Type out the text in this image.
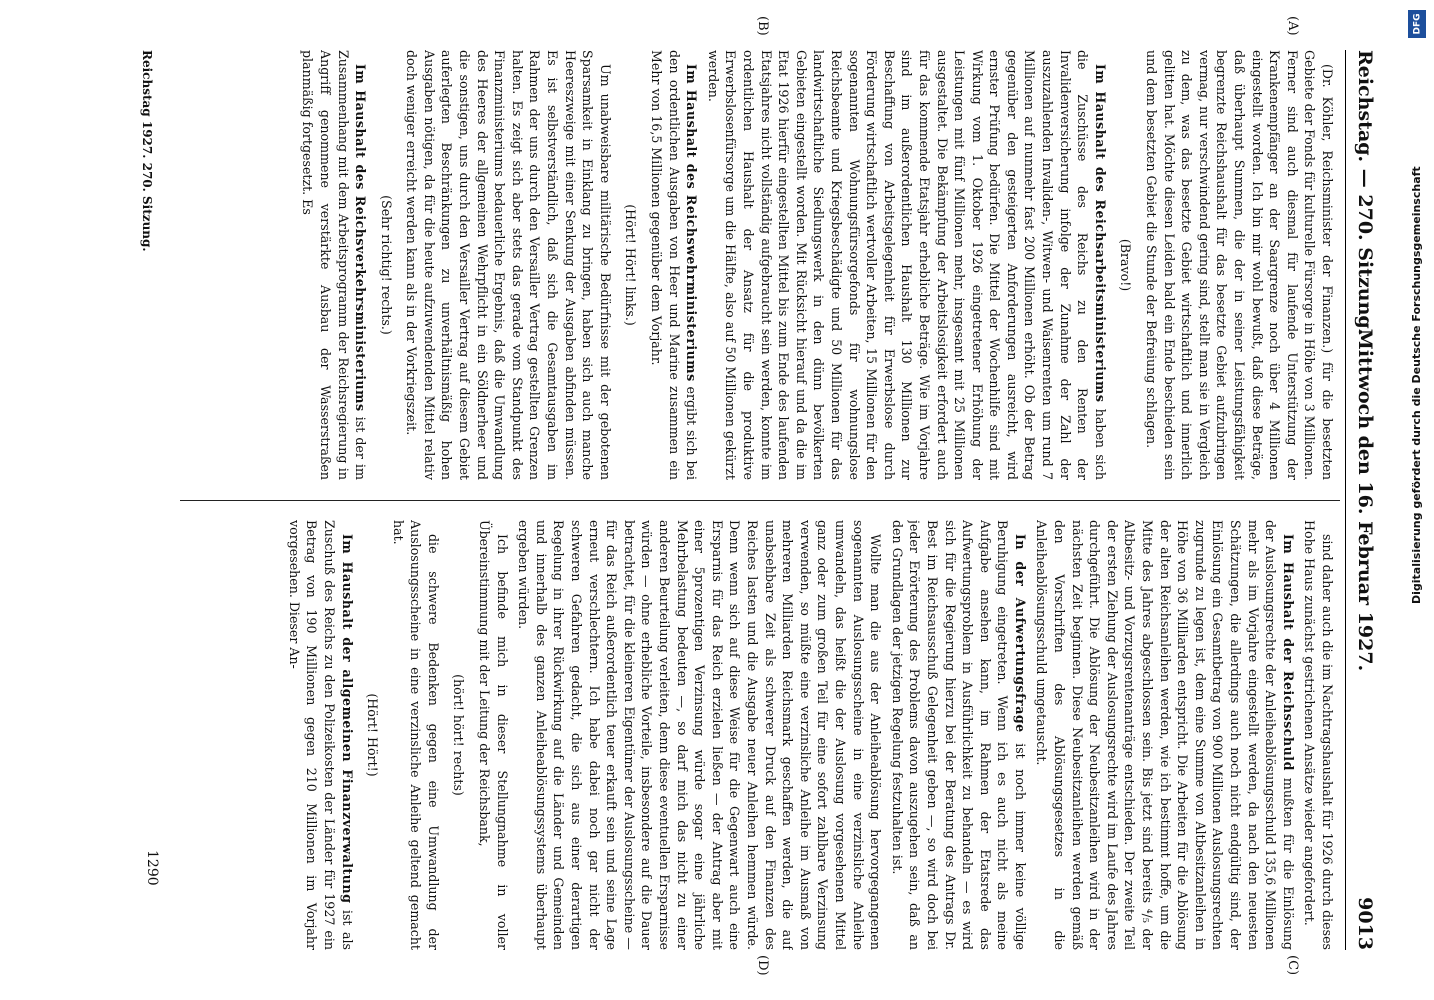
Reichstag. — 270. Sitzung.
Mittwoch den 16. Februar 1927.
9013

(Dr. Köhler, Reichsminister der Finanzen.) für die besetzten Gebiete der Fonds für kulturelle Fürsorge in Höhe von 3 Millionen. Ferner sind auch diesmal für laufende Unterstützung der Krankenempfänger an der Saargrenze noch über 4 Millionen eingestellt worden. Ich bin mir wohl bewußt, daß diese Beträge, daß überhaupt Summen, die der in seiner Leistungsfähigkeit begrenzte Reichshaushalt für das besetzte Gebiet aufzubringen vermag, nur verschwindend gering sind, stellt man sie in Vergleich zu dem, was das besetzte Gebiet wirtschaftlich und innerlich gelitten hat. Möchte diesen Leiden bald ein Ende beschieden sein und dem besetzten Gebiet die Stunde der Befreiung schlagen.

(Bravo!)

Im Haushalt des Reichsarbeitsministeriums haben sich die Zuschüsse des Reichs zu den Renten der Invalidenversicherung infolge der Zunahme der Zahl der auszuzahlenden Invaliden-, Witwen- und Waisenrenten um rund 7 Millionen auf nunmehr fast 200 Millionen erhöht. Ob der Betrag gegenüber den gesteigerten Anforderungen ausreicht, wird ernster Prüfung bedürfen. Die Mittel der Wochenhilfe sind mit Wirkung vom 1. Oktober 1926 eingetretener Erhöhung der Leistungen mit fünf Millionen mehr, insgesamt mit 25 Millionen ausgestaltet. Die Bekämpfung der Arbeitslosigkeit erfordert auch für das kommende Etatsjahr erhebliche Beträge. Wie im Vorjahre sind im außerordentlichen Haushalt 130 Millionen zur Beschaffung von Arbeitsgelegenheit für Erwerbslose durch Förderung wirtschaftlich wertvoller Arbeiten, 15 Millionen für den sogenannten Wohnungsfürsorgefonds für wohnungslose Reichsbeamte und Kriegsbeschädigte und 50 Millionen für das landwirtschaftliche Siedlungswerk in den dünn bevölkerten Gebieten eingestellt worden. Mit Rücksicht hierauf und da die im Etat 1926 hierfür eingestellten Mittel bis zum Ende des laufenden Etatsjahres nicht vollständig aufgebraucht sein werden, konnte im ordentlichen Haushalt der Ansatz für die produktive Erwerbslosenfürsorge um die Hälfte, also auf 50 Millionen gekürzt werden.

Im Haushalt des Reichswehrministeriums ergibt sich bei den ordentlichen Ausgaben von Heer und Marine zusammen ein Mehr von 16,5 Millionen gegenüber dem Vorjahr.

(Hört! Hört! links.)

Um unabweisbare militärische Bedürfnisse mit der gebotenen Sparsamkeit in Einklang zu bringen, haben sich auch manche Heereszweige mit einer Senkung der Ausgaben abfinden müssen. Es ist selbstverständlich, daß sich die Gesamtausgaben im Rahmen der uns durch den Versailler Vertrag gestellten Grenzen halten. Es zeigt sich aber stets das gerade vom Standpunkt des Finanzministeriums bedauerliche Ergebnis, daß die Umwandlung des Heeres der allgemeinen Wehrpflicht in ein Söldnerheer und die sonstigen, uns durch den Versailler Vertrag auf diesem Gebiet auferlegten Beschränkungen zu unverhältnismäßig hohen Ausgaben nötigen, da für die heute aufzuwendenden Mittel relativ doch weniger erreicht werden kann als in der Vorkriegszeit.

(Sehr richtig! rechts.)

Im Haushalt des Reichsverkehrsministeriums ist der im Zusammenhang mit dem Arbeitsprogramm der Reichsregierung in Angriff genommene verstärkte Ausbau der Wasserstraßen planmäßig fortgesetzt. Es

sind daher auch die im Nachtragshaushalt für 1926 durch dieses Hohe Haus zunächst gestrichenen Ansätze wieder angefordert.

Im Haushalt der Reichsschuld mußten für die Einlösung der Auslosungsrechte der Anleiheablösungsschuld 135,6 Millionen mehr als im Vorjahre eingestellt werden, da nach den neuesten Schätzungen, die allerdings auch noch nicht endgültig sind, der Einlösung ein Gesamtbetrag von 900 Millionen Auslosungsrechten zugrunde zu legen ist, dem eine Summe von Altbesitzanleihen in Höhe von 36 Milliarden entspricht. Die Arbeiten für die Ablösung der alten Reichsanleihen werden, wie ich bestimmt hoffe, um die Mitte des Jahres abgeschlossen sein. Bis jetzt sind bereits ⁴/₅ der Altbesitz- und Vorzugsrentenanträge entschieden. Der zweite Teil der ersten Ziehung der Auslosungsrechte wird im Laufe des Jahres durchgeführt. Die Ablösung der Neubesitzanleihen wird in der nächsten Zeit beginnen. Diese Neubesitzanleihen werden gemäß den Vorschriften des Ablösungsgesetzes in die Anleiheablösungsschuld umgetauscht.

In der Aufwertungsfrage ist noch immer keine völlige Beruhigung eingetreten. Wenn ich es auch nicht als meine Aufgabe ansehen kann, im Rahmen der Etatsrede das Aufwertungsproblem in Ausführlichkeit zu behandeln — es wird sich für die Regierung hierzu bei der Beratung des Antrags Dr. Best im Reichsausschuß Gelegenheit geben —, so wird doch bei jeder Erörterung des Problems davon auszugehen sein, daß an den Grundlagen der jetzigen Regelung festzuhalten ist.

Wollte man die aus der Anleiheablösung hervorgegangenen sogenannten Auslosungsscheine in eine verzinsliche Anleihe umwandeln, das heißt die der Auslosung vorgesehenen Mittel ganz oder zum großen Teil für eine sofort zahlbare Verzinsung verwenden, so müßte eine verzinsliche Anleihe im Ausmaß von mehreren Milliarden Reichsmark geschaffen werden, die auf unabsehbare Zeit als schwerer Druck auf den Finanzen des Reiches lasten und die Ausgabe neuer Anleihen hemmen würde. Denn wenn sich auf diese Weise für die Gegenwart auch eine Ersparnis für das Reich erzielen ließen — der Antrag aber mit einer 5prozentigen Verzinsung würde sogar eine jährliche Mehrbelastung bedeuten —, so darf mich das nicht zu einer anderen Beurteilung verleiten, denn diese eventuellen Ersparnisse würden — ohne erhebliche Vorteile, insbesondere auf die Dauer betrachtet, für die kleineren Eigentümer der Auslosungsscheine — für das Reich außerordentlich teuer erkauft sein und seine Lage erneut verschlechtern. Ich habe dabei noch gar nicht der schweren Gefahren gedacht, die sich aus einer derartigen Regelung in ihrer Rückwirkung auf die Länder und Gemeinden und innerhalb des ganzen Anleiheablösungssystems überhaupt ergeben würden.

Ich befinde mich in dieser Stellungnahme in voller Übereinstimmung mit der Leitung der Reichsbank,

(hört! hört! rechts)

die schwere Bedenken gegen eine Umwandlung der Auslosungsscheine in eine verzinsliche Anleihe geltend gemacht hat.

(Hört! Hört!)

Im Haushalt der allgemeinen Finanzverwaltung ist als Zuschuß des Reichs zu den Polizeikosten der Länder für 1927 ein Betrag von 190 Millionen gegen 210 Millionen im Vorjahr vorgesehen. Dieser An-

(A)
(B)
(C)
(D)
Reichstag 1927. 270. Sitzung.
1290
DFG
Digitalisierung gefördert durch die Deutsche Forschungsgemeinschaft
